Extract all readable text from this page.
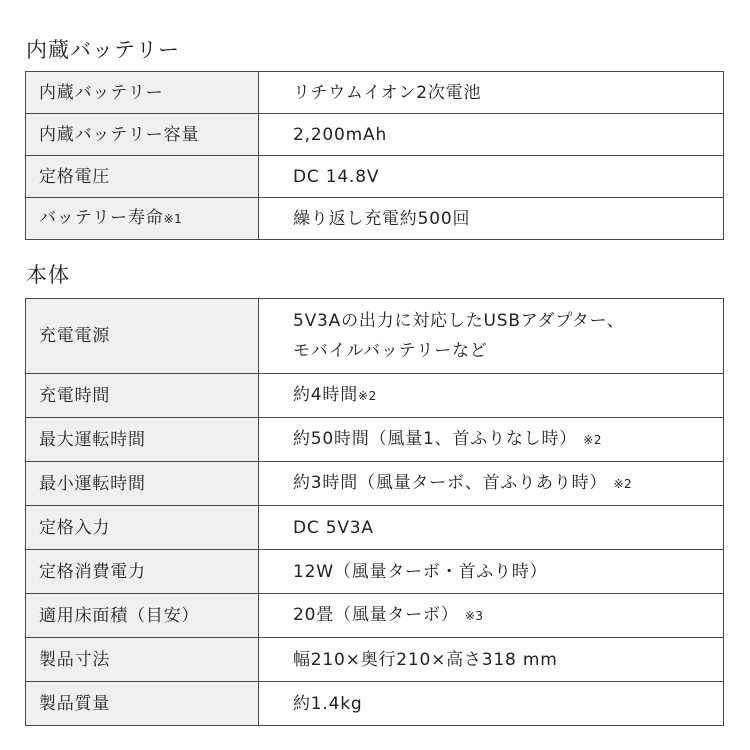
内蔵バッテリー
内蔵バッテリー	リチウムイオン2次電池
内蔵バッテリー容量	2,200mAh
定格電圧	DC 14.8V
バッテリー寿命※1	繰り返し充電約500回
本体
充電電源	5V3Aの出力に対応したUSBアダプター、
モバイルバッテリーなど
充電時間	約4時間※2
最大運転時間	約50時間（風量1、首ふりなし時） ※2
最小運転時間	約3時間（風量ターボ、首ふりあり時） ※2
定格入力	DC 5V3A
定格消費電力	12W（風量ターボ・首ふり時）
適用床面積（目安）	20畳（風量ターボ） ※3
製品寸法	幅210×奥行210×高さ318 mm
製品質量	約1.4kg
